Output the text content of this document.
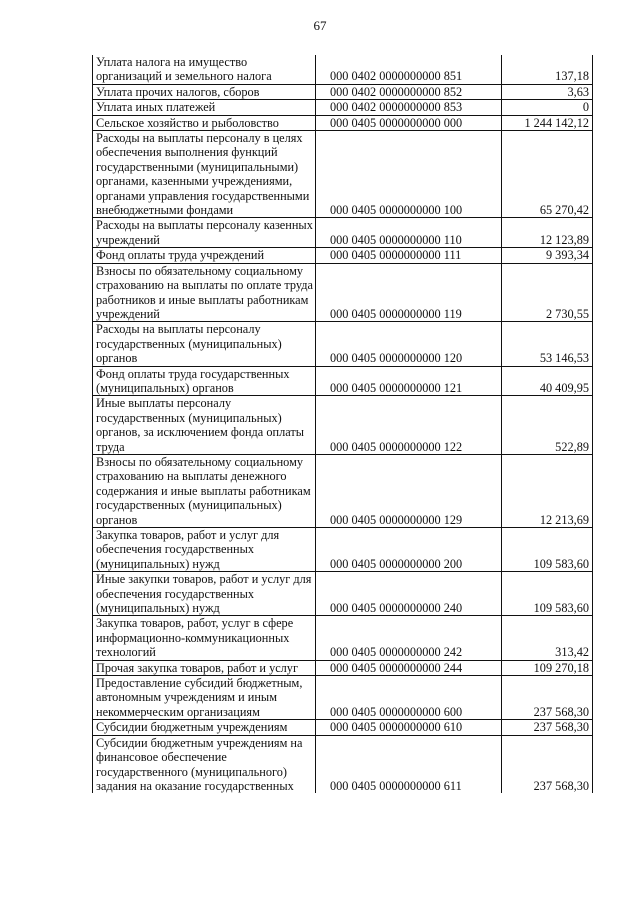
67
Уплата налога на имущество организаций и земельного налога	000 0402 0000000000 851	137,18
Уплата прочих налогов, сборов	000 0402 0000000000 852	3,63
Уплата иных платежей	000 0402 0000000000 853	0
Сельское хозяйство и рыболовство	000 0405 0000000000 000	1 244 142,12
Расходы на выплаты персоналу в целях обеспечения выполнения функций государственными (муниципальными) органами, казенными учреждениями, органами управления государственными внебюджетными фондами	000 0405 0000000000 100	65 270,42
Расходы на выплаты персоналу казенных учреждений	000 0405 0000000000 110	12 123,89
Фонд оплаты труда учреждений	000 0405 0000000000 111	9 393,34
Взносы по обязательному социальному страхованию на выплаты по оплате труда работников и иные выплаты работникам учреждений	000 0405 0000000000 119	2 730,55
Расходы на выплаты персоналу государственных (муниципальных) органов	000 0405 0000000000 120	53 146,53
Фонд оплаты труда государственных (муниципальных) органов	000 0405 0000000000 121	40 409,95
Иные выплаты персоналу государственных (муниципальных) органов, за исключением фонда оплаты труда	000 0405 0000000000 122	522,89
Взносы по обязательному социальному страхованию на выплаты денежного содержания и иные выплаты работникам государственных (муниципальных) органов	000 0405 0000000000 129	12 213,69
Закупка товаров, работ и услуг для обеспечения государственных (муниципальных) нужд	000 0405 0000000000 200	109 583,60
Иные закупки товаров, работ и услуг для обеспечения государственных (муниципальных) нужд	000 0405 0000000000 240	109 583,60
Закупка товаров, работ, услуг в сфере информационно-коммуникационных технологий	000 0405 0000000000 242	313,42
Прочая закупка товаров, работ и услуг	000 0405 0000000000 244	109 270,18
Предоставление субсидий бюджетным, автономным учреждениям и иным некоммерческим организациям	000 0405 0000000000 600	237 568,30
Субсидии бюджетным учреждениям	000 0405 0000000000 610	237 568,30
Субсидии бюджетным учреждениям на финансовое обеспечение государственного (муниципального) задания на оказание государственных	000 0405 0000000000 611	237 568,30
